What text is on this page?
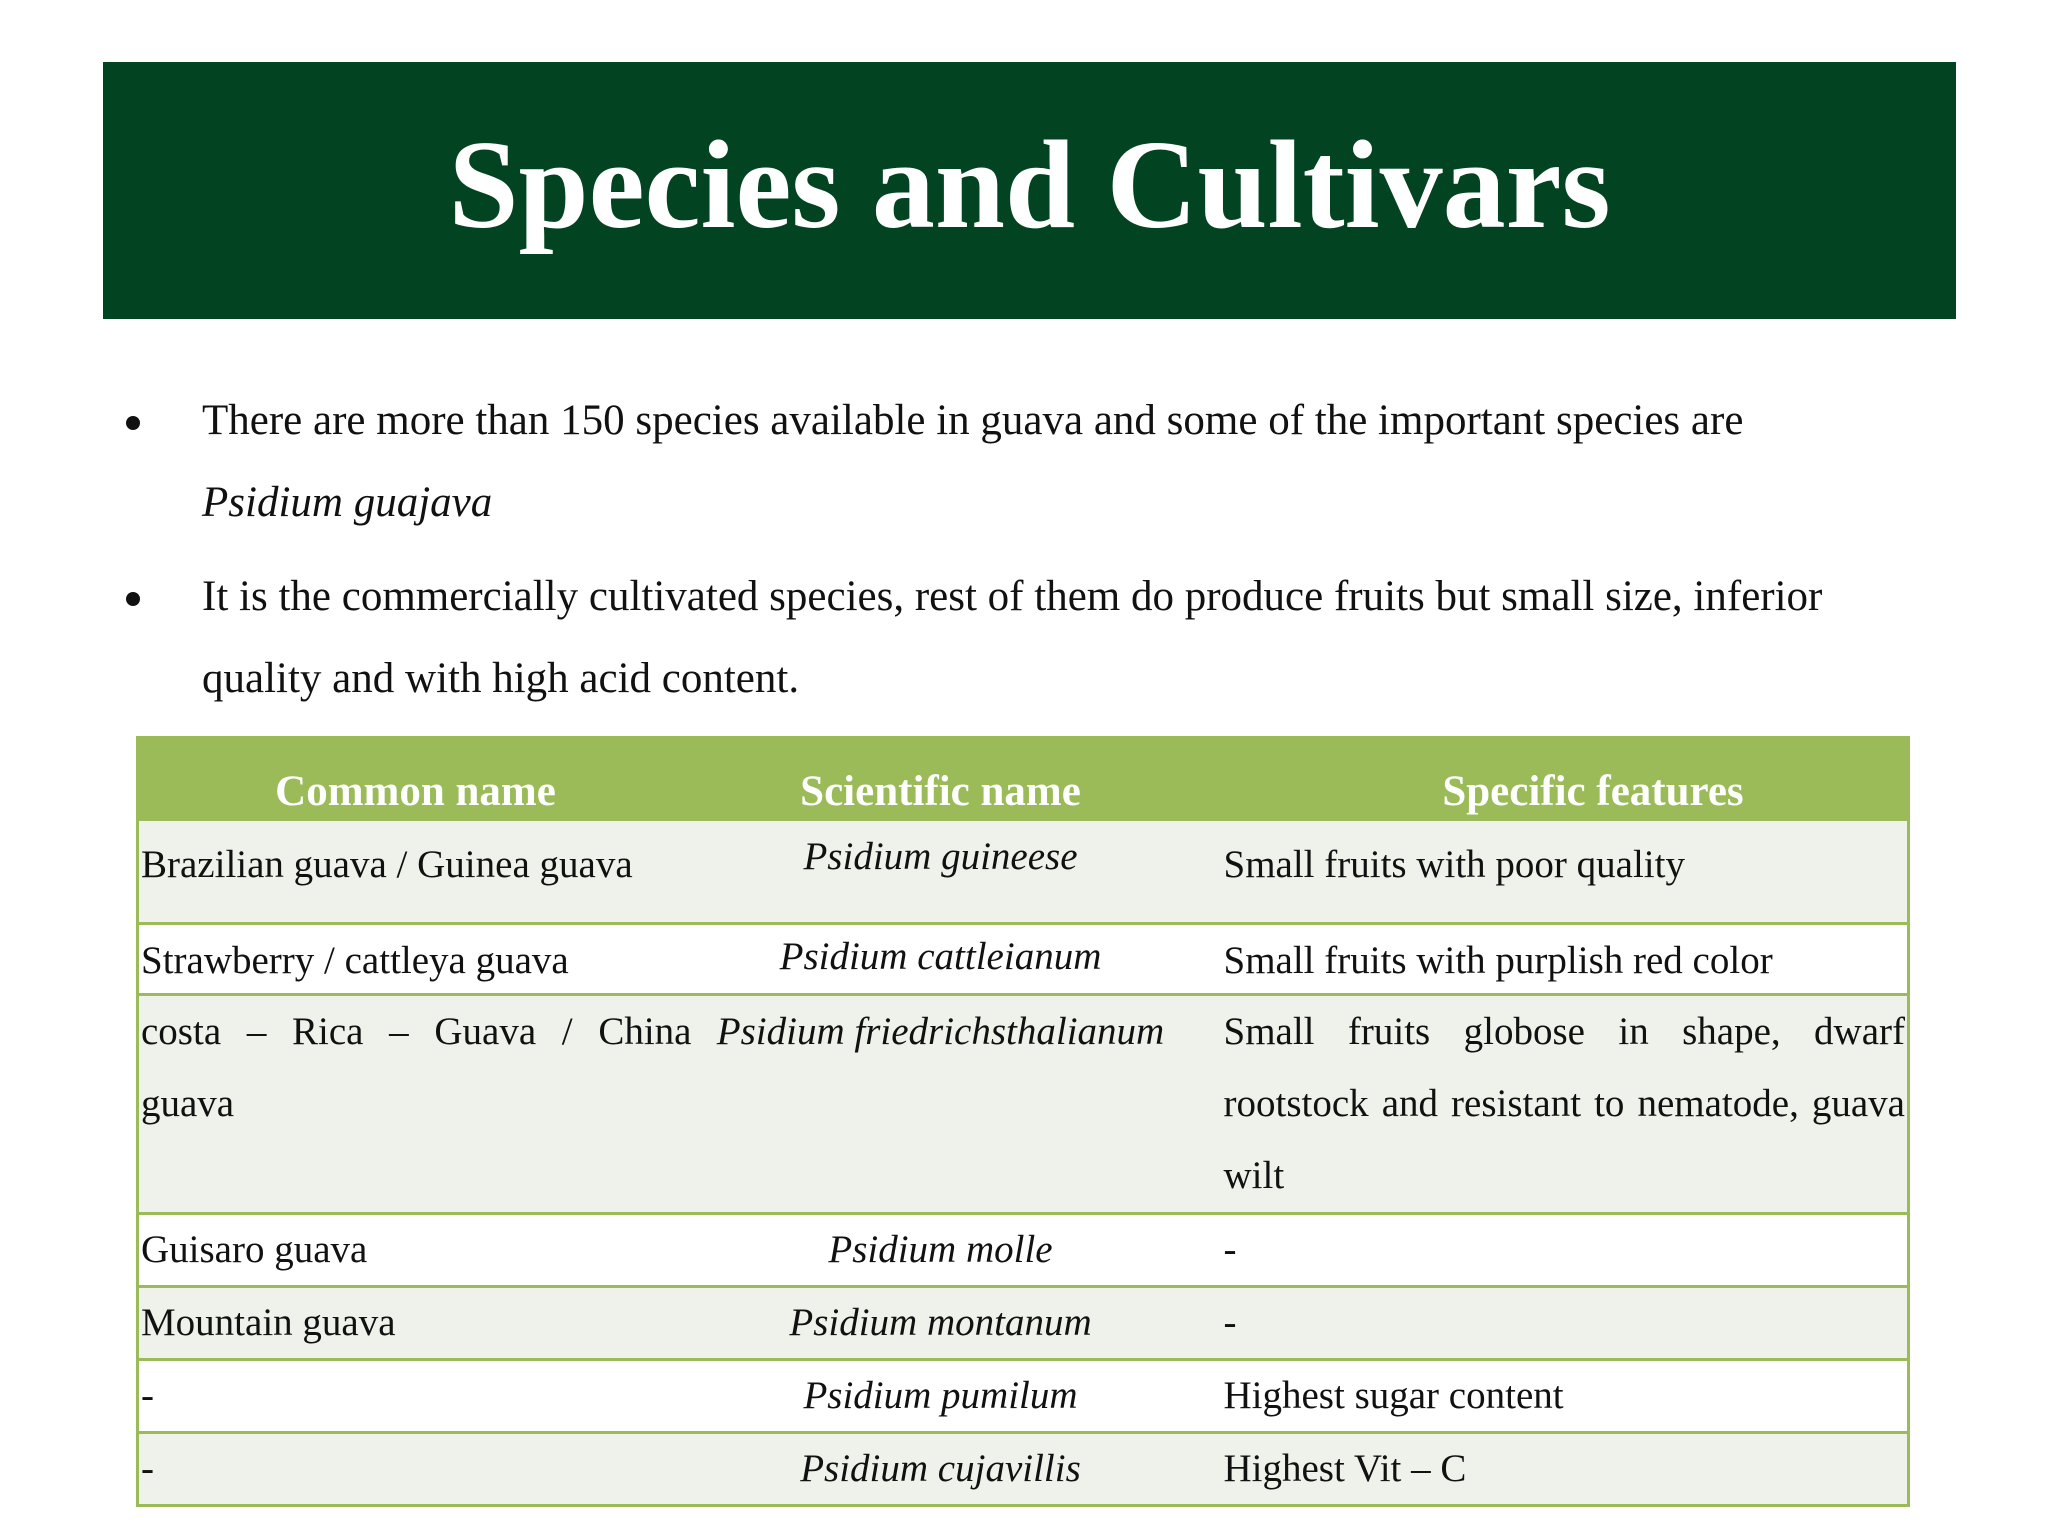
Species and Cultivars
There are more than 150 species available in guava and some of the important species are
Psidium guajava
It is the commercially cultivated species, rest of them do produce fruits but small size, inferior quality and with high acid content.
Common name	Scientific name	Specific features
Brazilian guava / Guinea guava	Psidium guineese	Small fruits with poor quality
Strawberry / cattleya guava	Psidium cattleianum	Small fruits with purplish red color
costa – Rica – Guava / China guava	Psidium friedrichsthalianum	Small fruits globose in shape, dwarf rootstock and resistant to nematode, guava wilt
Guisaro guava	Psidium molle	-
Mountain guava	Psidium montanum	-
-	Psidium pumilum	Highest sugar content
-	Psidium cujavillis	Highest Vit – C
